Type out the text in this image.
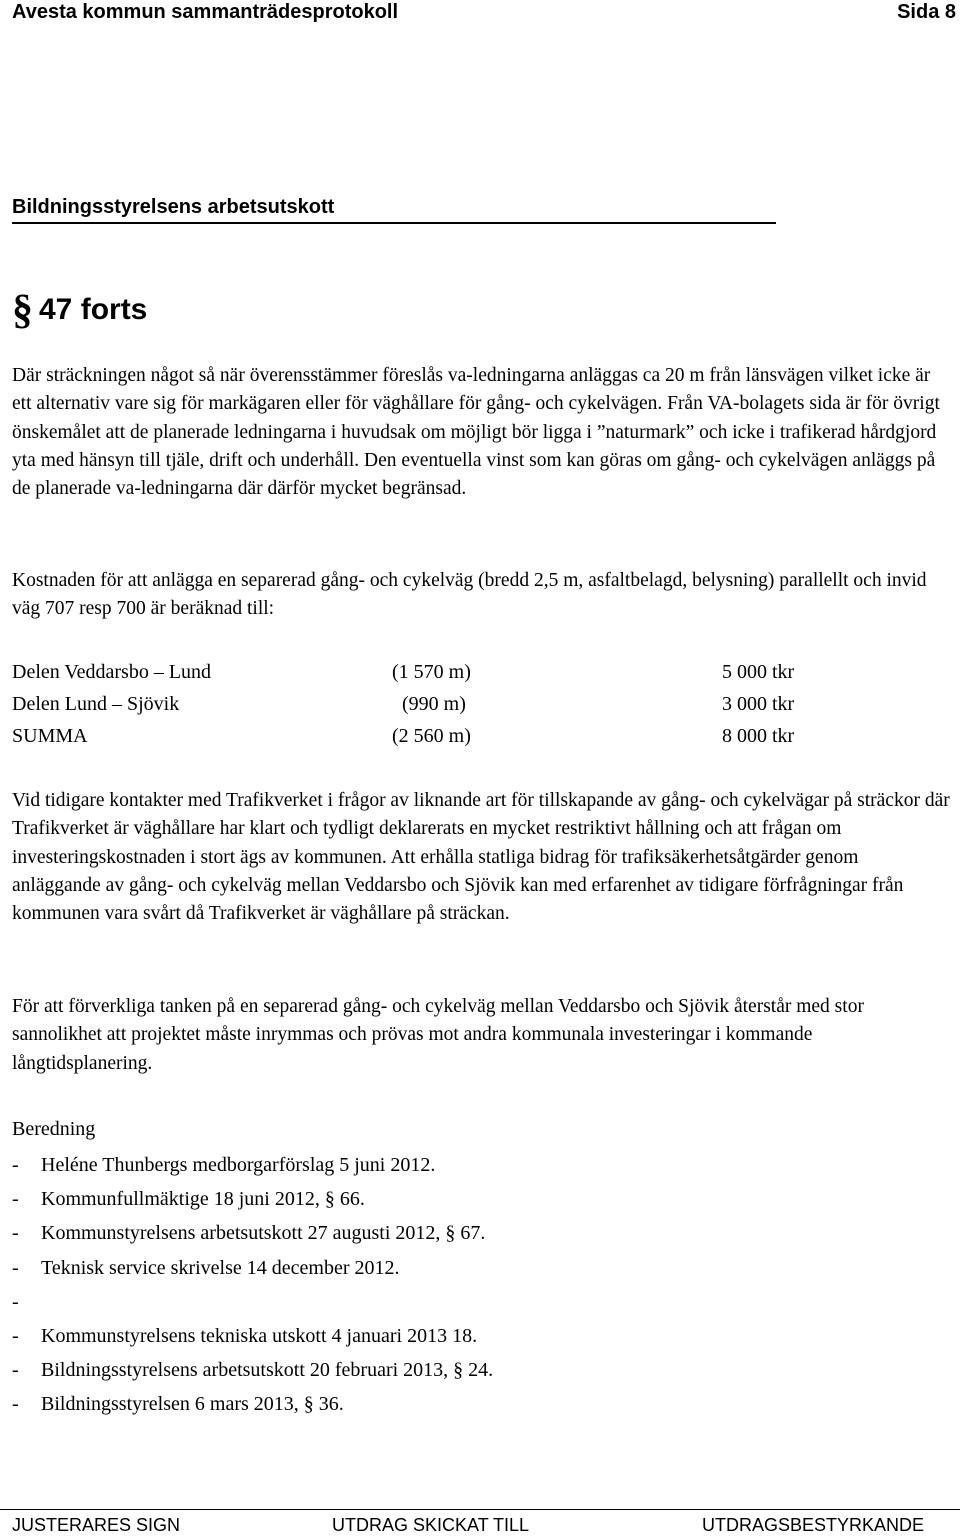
Avesta kommun sammanträdesprotokoll	Sida 8
Bildningsstyrelsens arbetsutskott
§ 47 forts

Där sträckningen något så när överensstämmer föreslås va-ledningarna anläggas ca 20 m från länsvägen vilket icke är ett alternativ vare sig för markägaren eller för väghållare för gång- och cykelvägen. Från VA-bolagets sida är för övrigt önskemålet att de planerade ledningarna i huvudsak om möjligt bör ligga i ”naturmark” och icke i trafikerad hårdgjord yta med hänsyn till tjäle, drift och underhåll. Den eventuella vinst som kan göras om gång- och cykelvägen anläggs på de planerade va-ledningarna där därför mycket begränsad.

Kostnaden för att anlägga en separerad gång- och cykelväg (bredd 2,5 m, asfaltbelagd, belysning) parallellt och invid väg 707 resp 700 är beräknad till:

Delen Veddarsbo – Lund	(1 570 m)	5 000 tkr
Delen Lund – Sjövik	(990 m)	3 000 tkr
SUMMA	(2 560 m)	8 000 tkr

Vid tidigare kontakter med Trafikverket i frågor av liknande art för tillskapande av gång- och cykelvägar på sträckor där Trafikverket är väghållare har klart och tydligt deklarerats en mycket restriktivt hållning och att frågan om investeringskostnaden i stort ägs av kommunen. Att erhålla statliga bidrag för trafiksäkerhetsåtgärder genom anläggande av gång- och cykelväg mellan Veddarsbo och Sjövik kan med erfarenhet av tidigare förfrågningar från kommunen vara svårt då Trafikverket är väghållare på sträckan.

För att förverkliga tanken på en separerad gång- och cykelväg mellan Veddarsbo och Sjövik återstår med stor sannolikhet att projektet måste inrymmas och prövas mot andra kommunala investeringar i kommande långtidsplanering.

Beredning
- Heléne Thunbergs medborgarförslag 5 juni 2012.
- Kommunfullmäktige 18 juni 2012, § 66.
- Kommunstyrelsens arbetsutskott 27 augusti 2012, § 67.
- Teknisk service skrivelse 14 december 2012.
-
- Kommunstyrelsens tekniska utskott 4 januari 2013 18.
- Bildningsstyrelsens arbetsutskott 20 februari 2013, § 24.
- Bildningsstyrelsen 6 mars 2013, § 36.
JUSTERARES SIGN	UTDRAG SKICKAT TILL	UTDRAGSBESTYRKANDE
